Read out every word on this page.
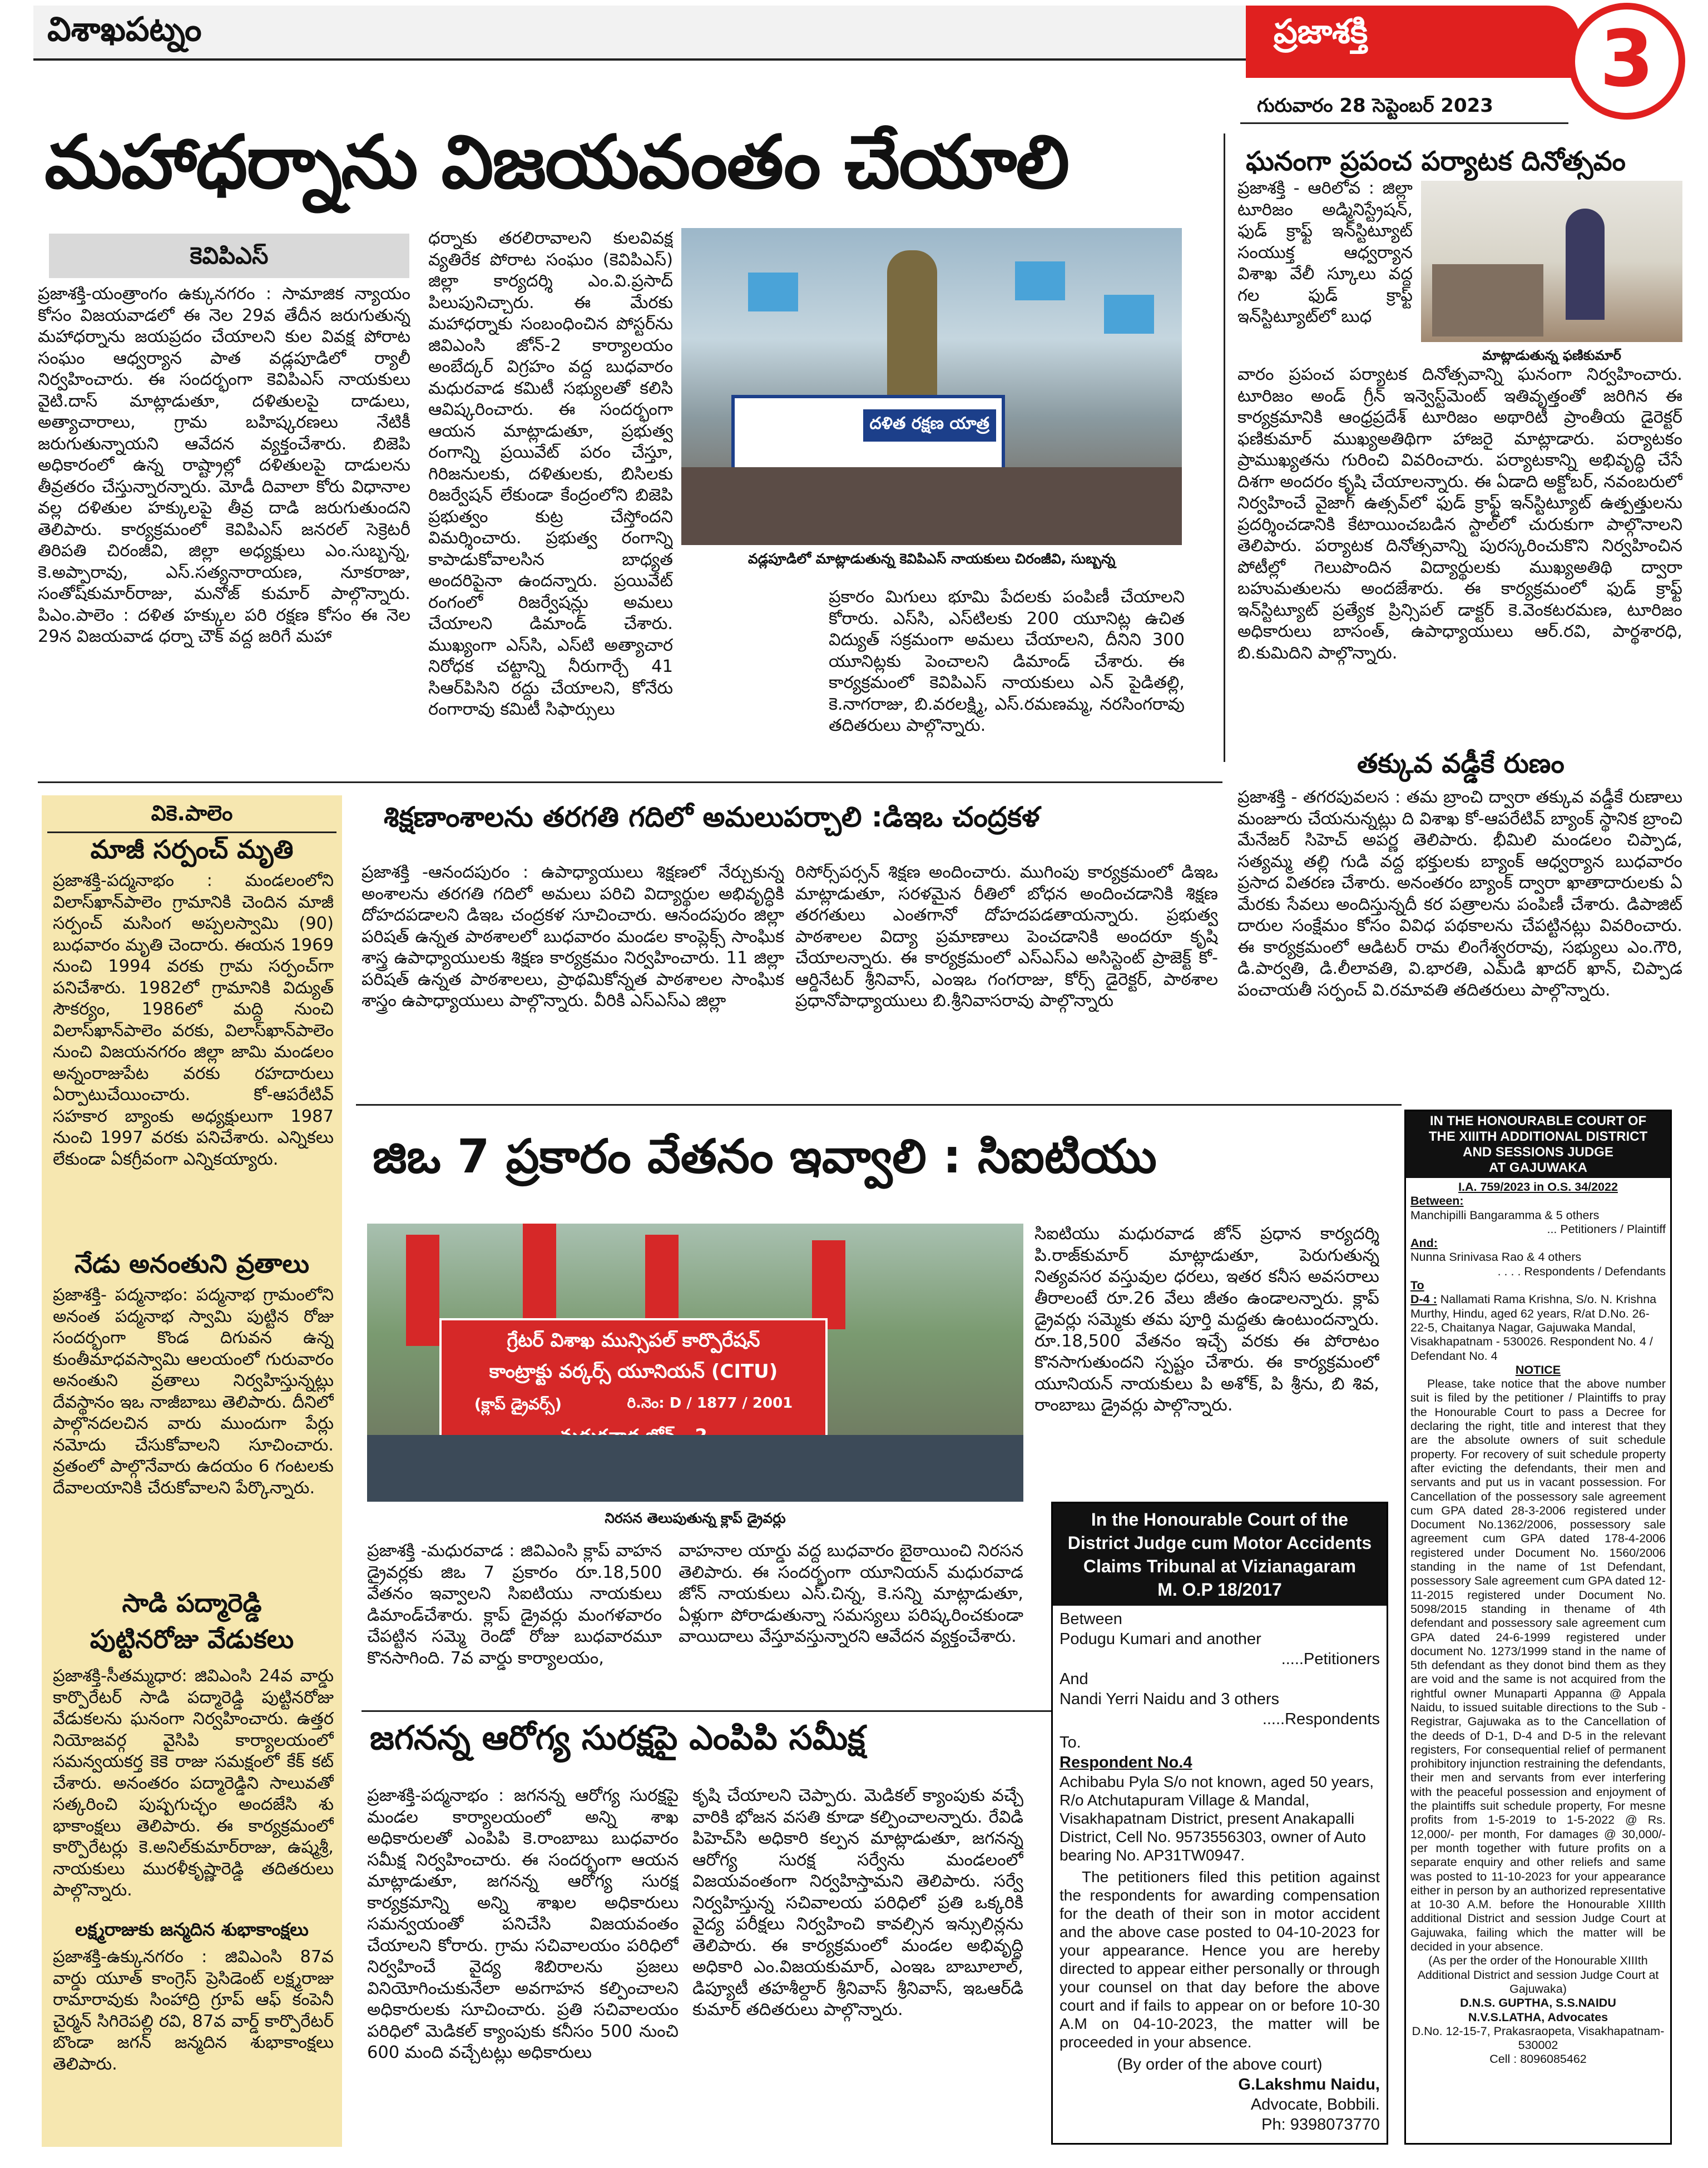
విశాఖపట్నం	ప్రజాశక్తి	3
గురువారం 28 సెప్టెంబర్ 2023
మహాధర్నాను విజయవంతం చేయాలి
కెవిపిఎస్
ప్రజాశక్తి-యంత్రాంగం ఉక్కునగరం : సామాజిక న్యాయం కోసం విజయవాడలో ఈ నెల 29వ తేదీన జరుగుతున్న మహాధర్నాను జయప్రదం చేయాలని కుల వివక్ష పోరాట సంఘం ఆధ్వర్యాన పాత వడ్లపూడిలో ర్యాలీ నిర్వహించారు. ఈ సందర్భంగా కెవిపిఎస్ నాయకులు వైటి.దాస్ మాట్లాడుతూ, దళితులపై దాడులు, అత్యాచారాలు, గ్రామ బహిష్కరణలు నేటికీ జరుగుతున్నాయని ఆవేదన వ్యక్తంచేశారు. బిజెపి అధికారంలో ఉన్న రాష్ట్రాల్లో దళితులపై దాడులను తీవ్రతరం చేస్తున్నారన్నారు. మోడీ దివాలా కోరు విధానాల వల్ల దళితుల హక్కులపై తీవ్ర దాడి జరుగుతుందని తెలిపారు. కార్యక్రమంలో కెవిపిఎస్ జనరల్ సెక్రెటరీ తిరిపతి చిరంజీవి, జిల్లా అధ్యక్షులు ఎం.సుబ్బన్న, కె.అప్పారావు, ఎస్.సత్యనారాయణ, నూకరాజు, సంతోష్‌కుమార్‌రాజు, మనోజ్ కుమార్ పాల్గొన్నారు. పిఎం.పాలెం : దళిత హక్కుల పరి రక్షణ కోసం ఈ నెల 29న విజయవాడ ధర్నా చౌక్ వద్ద జరిగే మహా
ధర్నాకు తరలిరావాలని కులవివక్ష వ్యతిరేక పోరాట సంఘం (కెవిపిఎస్) జిల్లా కార్యదర్శి ఎం.వి.ప్రసాద్ పిలుపునిచ్చారు. ఈ మేరకు మహాధర్నాకు సంబంధించిన పోస్టర్‌ను జివిఎంసి జోన్-2 కార్యాలయం అంబేద్కర్ విగ్రహం వద్ద బుధవారం మధురవాడ కమిటీ సభ్యులతో కలిసి ఆవిష్కరించారు. ఈ సందర్భంగా ఆయన మాట్లాడుతూ, ప్రభుత్వ రంగాన్ని ప్రయివేట్ పరం చేస్తూ, గిరిజనులకు, దళితులకు, బిసిలకు రిజర్వేషన్ లేకుండా కేంద్రంలోని బిజెపి ప్రభుత్వం కుట్ర చేస్తోందని విమర్శించారు. ప్రభుత్వ రంగాన్ని కాపాడుకోవాలసిన బాధ్యత అందరిపైనా ఉందన్నారు. ప్రయివేట్ రంగంలో రిజర్వేషన్లు అమలు చేయాలని డిమాండ్ చేశారు. ముఖ్యంగా ఎస్‌సి, ఎస్‌టి అత్యాచార నిరోధక చట్టాన్ని నీరుగార్చే 41 సిఆర్‌పిసిని రద్దు చేయాలని, కోనేరు రంగారావు కమిటీ సిఫార్సులు
దళిత రక్షణ యాత్ర
వడ్లపూడిలో మాట్లాడుతున్న కెవిపిఎస్ నాయకులు చిరంజీవి, సుబ్బన్న
ప్రకారం మిగులు భూమి పేదలకు పంపిణీ చేయాలని కోరారు. ఎస్‌సి, ఎస్‌టిలకు 200 యూనిట్ల ఉచిత విద్యుత్ సక్రమంగా అమలు చేయాలని, దీనిని 300 యూనిట్లకు పెంచాలని డిమాండ్ చేశారు. ఈ కార్యక్రమంలో కెవిపిఎస్ నాయకులు ఎన్ పైడితల్లి, కె.నాగరాజు, బి.వరలక్ష్మి, ఎస్.రమణమ్మ, నరసింగరావు తదితరులు పాల్గొన్నారు.
ఘనంగా ప్రపంచ పర్యాటక దినోత్సవం
ప్రజాశక్తి - ఆరిలోవ : జిల్లా టూరిజం అడ్మినిస్ట్రేషన్, ఫుడ్ క్రాఫ్ట్ ఇన్‌స్టిట్యూట్ సంయుక్త ఆధ్వర్యాన విశాఖ వేలీ స్కూలు వద్ద గల ఫుడ్ క్రాఫ్ట్ ఇన్‌స్టిట్యూట్‌లో బుధ
మాట్లాడుతున్న ఫణికుమార్
వారం ప్రపంచ పర్యాటక దినోత్సవాన్ని ఘనంగా నిర్వహించారు. టూరిజం అండ్ గ్రీన్ ఇన్వెస్ట్‌మెంట్ ఇతివృత్తంతో జరిగిన ఈ కార్యక్రమానికి ఆంధ్రప్రదేశ్ టూరిజం అథారిటీ ప్రాంతీయ డైరెక్టర్ ఫణికుమార్ ముఖ్యఅతిథిగా హాజరై మాట్లాడారు. పర్యాటకం ప్రాముఖ్యతను గురించి వివరించారు. పర్యాటకాన్ని అభివృద్ధి చేసే దిశగా అందరం కృషి చేయాలన్నారు. ఈ ఏడాది అక్టోబర్, నవంబరులో నిర్వహించే వైజాగ్ ఉత్సవ్‌లో ఫుడ్ క్రాఫ్ట్ ఇన్‌స్టిట్యూట్ ఉత్పత్తులను ప్రదర్శించడానికి కేటాయించబడిన స్టాల్‌లో చురుకుగా పాల్గొనాలని తెలిపారు. పర్యాటక దినోత్సవాన్ని పురస్కరించుకొని నిర్వహించిన పోటీల్లో గెలుపొందిన విద్యార్థులకు ముఖ్యఅతిథి ద్వారా బహుమతులను అందజేశారు. ఈ కార్యక్రమంలో ఫుడ్ క్రాఫ్ట్ ఇన్‌స్టిట్యూట్ ప్రత్యేక ప్రిన్సిపల్ డాక్టర్ కె.వెంకటరమణ, టూరిజం అధికారులు బాసంత్, ఉపాధ్యాయులు ఆర్.రవి, పార్థశారధి, బి.కుమిదిని పాల్గొన్నారు.
తక్కువ వడ్డీకే రుణం
ప్రజాశక్తి - తగరపువలస : తమ బ్రాంచి ద్వారా తక్కువ వడ్డీకే రుణాలు మంజూరు చేయనున్నట్లు ది విశాఖ కో-ఆపరేటివ్ బ్యాంక్ స్థానిక బ్రాంచి మేనేజర్ సిహెచ్ అపర్ణ తెలిపారు. భీమిలి మండలం చిప్పాడ, సత్యమ్మ తల్లి గుడి వద్ద భక్తులకు బ్యాంక్ ఆధ్వర్యాన బుధవారం ప్రసాద వితరణ చేశారు. అనంతరం బ్యాంక్ ద్వారా ఖాతాదారులకు ఏ మేరకు సేవలు అందిస్తున్నదీ కర పత్రాలను పంపిణీ చేశారు. డిపాజిట్ దారుల సంక్షేమం కోసం వివిధ పథకాలను చేపట్టినట్లు వివరించారు. ఈ కార్యక్రమంలో ఆడిటర్ రామ లింగేశ్వరరావు, సభ్యులు ఎం.గౌరి, డి.పార్వతి, డి.లీలావతి, వి.భారతి, ఎమ్‌డి ఖాదర్ ఖాన్, చిప్పాడ పంచాయతీ సర్పంచ్ వి.రమావతి తదితరులు పాల్గొన్నారు.
వికె.పాలెం
మాజీ సర్పంచ్ మృతి
ప్రజాశక్తి-పద్మనాభం : మండలంలోని విలాస్‌ఖాన్‌పాలెం గ్రామానికి చెందిన మాజీ సర్పంచ్ మసింగ అప్పలస్వామి (90) బుధవారం మృతి చెందారు. ఈయన 1969 నుంచి 1994 వరకు గ్రామ సర్పంచ్‌గా పనిచేశారు. 1982లో గ్రామానికి విద్యుత్ సౌకర్యం, 1986లో మద్ది నుంచి విలాస్‌ఖాన్‌పాలెం వరకు, విలాస్‌ఖాన్‌పాలెం నుంచి విజయనగరం జిల్లా జామి మండలం అన్నంరాజుపేట వరకు రహదారులు ఏర్పాటుచేయించారు. కో-ఆపరేటివ్ సహకార బ్యాంకు అధ్యక్షులుగా 1987 నుంచి 1997 వరకు పనిచేశారు. ఎన్నికలు లేకుండా ఏకగ్రీవంగా ఎన్నికయ్యారు.
నేడు అనంతుని వ్రతాలు
ప్రజాశక్తి- పద్మనాభం: పద్మనాభ గ్రామంలోని అనంత పద్మనాభ స్వామి పుట్టిన రోజు సందర్భంగా కొండ దిగువన ఉన్న కుంతీమాధవస్వామి ఆలయంలో గురువారం అనంతుని వ్రతాలు నిర్వహిస్తున్నట్లు దేవస్థానం ఇఒ నాజీబాబు తెలిపారు. దీనిలో పాల్గొనదలచిన వారు ముందుగా పేర్లు నమోదు చేసుకోవాలని సూచించారు. వ్రతంలో పాల్గొనేవారు ఉదయం 6 గంటలకు దేవాలయానికి చేరుకోవాలని పేర్కొన్నారు.
సాడి పద్మారెడ్డి
పుట్టినరోజు వేడుకలు
ప్రజాశక్తి-సీతమ్మధార: జివిఎంసి 24వ వార్డు కార్పొరేటర్ సాడి పద్మారెడ్డి పుట్టినరోజు వేడుకలను ఘనంగా నిర్వహించారు. ఉత్తర నియోజవర్గ వైసిపి కార్యాలయంలో సమన్వయకర్త కెకె రాజు సమక్షంలో కేక్ కట్ చేశారు. అనంతరం పద్మారెడ్డిని సాలువతో సత్కరించి పుష్పగుచ్ఛం అందజేసి శు భాకాంక్షలు తెలిపారు. ఈ కార్యక్రమంలో కార్పొరేటర్లు కె.అనిల్‌కుమార్‌రాజు, ఉష్మశ్రీ, నాయకులు మురళీకృష్ణారెడ్డి తదితరులు పాల్గొన్నారు.
లక్ష్మరాజుకు జన్మదిన శుభాకాంక్షలు
ప్రజాశక్తి-ఉక్కునగరం : జివిఎంసి 87వ వార్డు యూత్ కాంగ్రెస్ ప్రెసిడెంట్ లక్ష్మరాజు రామారావుకు సింహాద్రి గ్రూప్ ఆఫ్ కంపెనీ చైర్మన్ సిగిరెపల్లి రవి, 87వ వార్డ్ కార్పొరేటర్ బొండా జగన్ జన్మదిన శుభాకాంక్షలు తెలిపారు.
శిక్షణాంశాలను తరగతి గదిలో అమలుపర్చాలి :డిఇఒ చంద్రకళ
ప్రజాశక్తి -ఆనందపురం : ఉపాధ్యాయులు శిక్షణలో నేర్చుకున్న అంశాలను తరగతి గదిలో అమలు పరిచి విద్యార్థుల అభివృద్ధికి దోహదపడాలని డిఇఒ చంద్రకళ సూచించారు. ఆనందపురం జిల్లా పరిషత్ ఉన్నత పాఠశాలలో బుధవారం మండల కాంప్లెక్స్ సాంఘిక శాస్త్ర ఉపాధ్యాయులకు శిక్షణ కార్యక్రమం నిర్వహించారు. 11 జిల్లా పరిషత్ ఉన్నత పాఠశాలలు, ప్రాథమికోన్నత పాఠశాలల సాంఘిక శాస్త్రం ఉపాధ్యాయులు పాల్గొన్నారు. వీరికి ఎస్‌ఎస్‌ఎ జిల్లా
రిసోర్స్‌పర్సన్ శిక్షణ అందించారు. ముగింపు కార్యక్రమంలో డిఇఒ మాట్లాడుతూ, సరళమైన రీతిలో బోధన అందించడానికి శిక్షణ తరగతులు ఎంతగానో దోహదపడతాయన్నారు. ప్రభుత్వ పాఠశాలల విద్యా ప్రమాణాలు పెంచడానికి అందరూ కృషి చేయాలన్నారు. ఈ కార్యక్రమంలో ఎస్‌ఎస్‌ఎ అసిస్టెంట్ ప్రాజెక్ట్ కో-ఆర్డినేటర్ శ్రీనివాస్, ఎంఇఒ గంగరాజు, కోర్స్ డైరెక్టర్, పాఠశాల ప్రధానోపాధ్యాయులు బి.శ్రీనివాసరావు పాల్గొన్నారు
జిఒ 7 ప్రకారం వేతనం ఇవ్వాలి : సిఐటియు
గ్రేటర్ విశాఖ మున్సిపల్ కార్పొరేషన్
కాంట్రాక్టు వర్కర్స్ యూనియన్ (CITU)
(క్లాప్ డ్రైవర్స్)	రి.నెం: D / 1877 / 2001
సిఐటియు మధురవాడ జోన్ ప్రధాన కార్యదర్శి పి.రాజ్‌కుమార్ మాట్లాడుతూ, పెరుగుతున్న నిత్యవసర వస్తువుల ధరలు, ఇతర కనీస అవసరాలు తీరాలంటే రూ.26 వేలు జీతం ఉండాలన్నారు. క్లాప్ డ్రైవర్లు సమ్మెకు తమ పూర్తి మద్దతు ఉంటుందన్నారు. రూ.18,500 వేతనం ఇచ్చే వరకు ఈ పోరాటం కొనసాగుతుందని స్పష్టం చేశారు. ఈ కార్యక్రమంలో యూనియన్ నాయకులు పి అశోక్, పి శ్రీను, బి శివ, రాంబాబు డ్రైవర్లు పాల్గొన్నారు.
నిరసన తెలుపుతున్న క్లాప్ డ్రైవర్లు
ప్రజాశక్తి -మధురవాడ : జివిఎంసి క్లాప్ వాహన డ్రైవర్లకు జిఒ 7 ప్రకారం రూ.18,500 వేతనం ఇవ్వాలని సిఐటియు నాయకులు డిమాండ్‌చేశారు. క్లాప్ డ్రైవర్లు మంగళవారం చేపట్టిన సమ్మె రెండో రోజు బుధవారమూ కొనసాగింది. 7వ వార్డు కార్యాలయం,
వాహనాల యార్డు వద్ద బుధవారం బైఠాయించి నిరసన తెలిపారు. ఈ సందర్భంగా యూనియన్ మధురవాడ జోన్ నాయకులు ఎస్.చిన్న, కె.సన్ని మాట్లాడుతూ, ఏళ్లుగా పోరాడుతున్నా సమస్యలు పరిష్కరించకుండా వాయిదాలు వేస్తూవస్తున్నారని ఆవేదన వ్యక్తంచేశారు.
జగనన్న ఆరోగ్య సురక్షపై ఎంపిపి సమీక్ష
ప్రజాశక్తి-పద్మనాభం : జగనన్న ఆరోగ్య సురక్షపై మండల కార్యాలయంలో అన్ని శాఖ అధికారులతో ఎంపిపి కె.రాంబాబు బుధవారం సమీక్ష నిర్వహించారు. ఈ సందర్భంగా ఆయన మాట్లాడుతూ, జగనన్న ఆరోగ్య సురక్ష కార్యక్రమాన్ని అన్ని శాఖల అధికారులు సమన్వయంతో పనిచేసి విజయవంతం చేయాలని కోరారు. గ్రామ సచివాలయం పరిధిలో నిర్వహించే వైద్య శిబిరాలను ప్రజలు వినియోగించుకునేలా అవగాహన కల్పించాలని అధికారులకు సూచించారు. ప్రతి సచివాలయం పరిధిలో మెడికల్ క్యాంపుకు కనీసం 500 నుంచి 600 మంది వచ్చేటట్లు అధికారులు
కృషి చేయాలని చెప్పారు. మెడికల్ క్యాంపుకు వచ్చే వారికి భోజన వసతి కూడా కల్పించాలన్నారు. రేవిడి పిహెచ్‌సి అధికారి కల్పన మాట్లాడుతూ, జగనన్న ఆరోగ్య సురక్ష సర్వేను మండలంలో విజయవంతంగా నిర్వహిస్తామని తెలిపారు. సర్వే నిర్వహిస్తున్న సచివాలయ పరిధిలో ప్రతి ఒక్కరికి వైద్య పరీక్షలు నిర్వహించి కావల్సిన ఇన్సులిన్లను తెలిపారు. ఈ కార్యక్రమంలో మండల అభివృద్ధి అధికారి ఎం.విజయకుమార్, ఎంఇఒ బాబూలాల్, డిప్యూటీ తహశీల్దార్ శ్రీనివాస్ శ్రీనివాస్, ఇఒఆర్‌డి కుమార్ తదితరులు పాల్గొన్నారు.
In the Honourable Court of the
District Judge cum Motor Accidents
Claims Tribunal at Vizianagaram
M. O.P 18/2017
Between
Podugu Kumari and another
.....Petitioners
And
Nandi Yerri Naidu and 3 others
.....Respondents
To.
Respondent No.4
Achibabu Pyla S/o not known, aged 50 years, R/o Atchutapuram Village & Mandal, Visakhapatnam District, present Anakapalli District, Cell No. 9573556303, owner of Auto bearing No. AP31TW0947.
The petitioners filed this petition against the respondents for awarding compensation for the death of their son in motor accident and the above case posted to 04-10-2023 for your appearance. Hence you are hereby directed to appear either personally or through your counsel on that day before the above court and if fails to appear on or before 10-30 A.M on 04-10-2023, the matter will be proceeded in your absence.
(By order of the above court)
G.Lakshmu Naidu,
Advocate, Bobbili.
Ph: 9398073770
IN THE HONOURABLE COURT OF
THE XIIITH ADDITIONAL DISTRICT
AND SESSIONS JUDGE
AT GAJUWAKA
I.A. 759/2023 in O.S. 34/2022
Between:
Manchipilli Bangaramma & 5 others
... Petitioners / Plaintiff
And:
Nunna Srinivasa Rao & 4 others
. . . . Respondents / Defendants
To
D-4 : Nallamati Rama Krishna, S/o. N. Krishna Murthy, Hindu, aged 62 years, R/at D.No. 26-22-5, Chaitanya Nagar, Gajuwaka Mandal, Visakhapatnam - 530026. Respondent No. 4 / Defendant No. 4
NOTICE
Please, take notice that the above number suit is filed by the petitioner / Plaintiffs to pray the Honourable Court to pass a Decree for declaring the right, title and interest that they are the absolute owners of suit schedule property. For recovery of suit schedule property after evicting the defendants, their men and servants and put us in vacant possession. For Cancellation of the possessory sale agreement cum GPA dated 28-3-2006 registered under Document No.1362/2006, possessory sale agreement cum GPA dated 178-4-2006 registered under Document No. 1560/2006 standing in the name of 1st Defendant, possessory Sale agreement cum GPA dated 12-11-2015 registered under Document No. 5098/2015 standing in thename of 4th defendant and possessory sale agreement cum GPA dated 24-6-1999 registered under document No. 1273/1999 stand in the name of 5th defendant as they donot bind them as they are void and the same is not acquired from the rightful owner Munaparti Appanna @ Appala Naidu, to issued suitable directions to the Sub - Registrar, Gajuwaka as to the Cancellation of the deeds of D-1, D-4 and D-5 in the relevant registers, For consequential relief of permanent prohibitory injunction restraining the defendants, their men and servants from ever interfering with the peaceful possession and enjoyment of the plaintiffs suit schedule property, For mesne profits from 1-5-2019 to 1-5-2022 @ Rs. 12,000/- per month, For damages @ 30,000/- per month together with future profits on a separate enquiry and other reliefs and same was posted to 11-10-2023 for your appearance either in person by an authorized representative at 10-30 A.M. before the Honourable XIIIth additional District and session Judge Court at Gajuwaka, failing which the matter will be decided in your absence.
(As per the order of the Honourable XIIIth Additional District and session Judge Court at Gajuwaka)
D.N.S. GUPTHA, S.S.NAIDU
N.V.S.LATHA, Advocates
D.No. 12-15-7, Prakasraopeta, Visakhapatnam-530002
Cell : 8096085462
